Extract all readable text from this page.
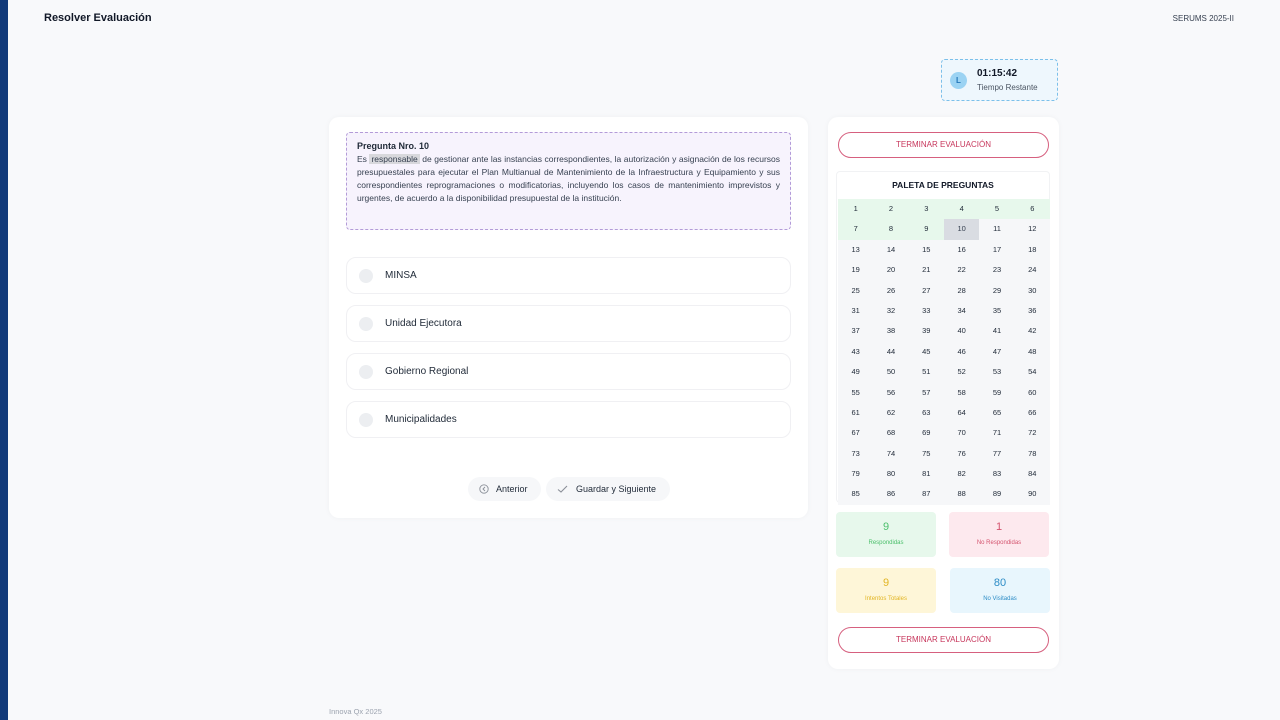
Resolver Evaluación	SERUMS 2025-II
L
01:15:42
Tiempo Restante
Pregunta Nro. 10
Es responsable de gestionar ante las instancias correspondientes, la autorización y asignación de los recursos presupuestales para ejecutar el Plan Multianual de Mantenimiento de la Infraestructura y Equipamiento y sus correspondientes reprogramaciones o modificatorias, incluyendo los casos de mantenimiento imprevistos y urgentes, de acuerdo a la disponibilidad presupuestal de la institución.
MINSA
Unidad Ejecutora
Gobierno Regional
Municipalidades
Anterior	Guardar y Siguiente
TERMINAR EVALUACIÓN
PALETA DE PREGUNTAS
1	2	3	4	5	6
7	8	9	10	11	12
13	14	15	16	17	18
19	20	21	22	23	24
25	26	27	28	29	30
31	32	33	34	35	36
37	38	39	40	41	42
43	44	45	46	47	48
49	50	51	52	53	54
55	56	57	58	59	60
61	62	63	64	65	66
67	68	69	70	71	72
73	74	75	76	77	78
79	80	81	82	83	84
85	86	87	88	89	90
9
Respondidas
1
No Respondidas
9
Intentos Totales
80
No Visitadas
TERMINAR EVALUACIÓN
Innova Qx 2025
